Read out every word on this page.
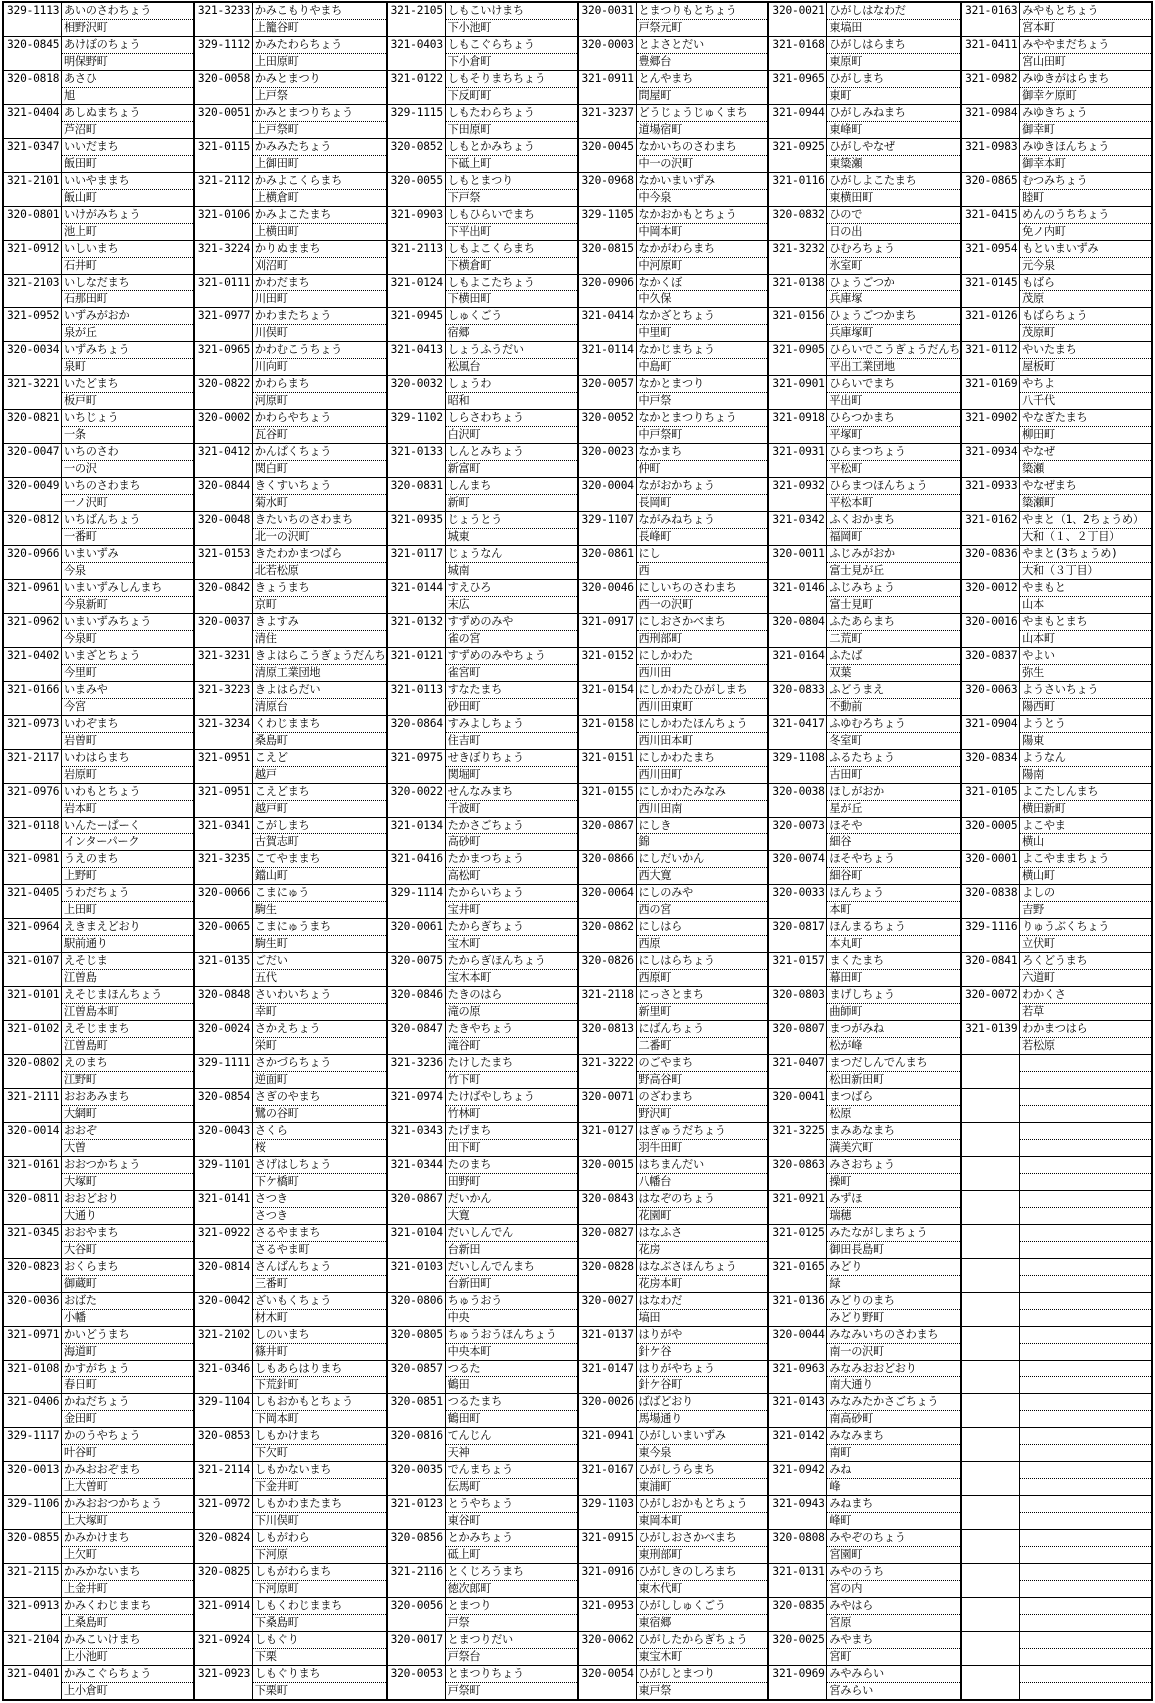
329-1113 あいのさわちょう
相野沢町
320-0845 あけぼのちょう
明保野町
320-0818 あさひ
旭
321-0404 あしぬまちょう
芦沼町
321-0347 いいだまち
飯田町
321-2101 いいやままち
飯山町
320-0801 いけがみちょう
池上町
321-0912 いしいまち
石井町
321-2103 いしなだまち
石那田町
321-0952 いずみがおか
泉が丘
320-0034 いずみちょう
泉町
321-3221 いたどまち
板戸町
320-0821 いちじょう
一条
320-0047 いちのさわ
一の沢
320-0049 いちのさわまち
一ノ沢町
320-0812 いちばんちょう
一番町
320-0966 いまいずみ
今泉
321-0961 いまいずみしんまち
今泉新町
321-0962 いまいずみちょう
今泉町
321-0402 いまざとちょう
今里町
321-0166 いまみや
今宮
321-0973 いわぞまち
岩曽町
321-2117 いわはらまち
岩原町
321-0976 いわもとちょう
岩本町
321-0118 いんたーぱーく
インターパーク
321-0981 うえのまち
上野町
321-0405 うわだちょう
上田町
321-0964 えきまえどおり
駅前通り
321-0107 えそじま
江曽島
321-0101 えそじまほんちょう
江曽島本町
321-0102 えそじままち
江曽島町
320-0802 えのまち
江野町
321-2111 おおあみまち
大網町
320-0014 おおぞ
大曽
321-0161 おおつかちょう
大塚町
320-0811 おおどおり
大通り
321-0345 おおやまち
大谷町
320-0823 おくらまち
御蔵町
320-0036 おばた
小幡
321-0971 かいどうまち
海道町
321-0108 かすがちょう
春日町
321-0406 かねだちょう
金田町
329-1117 かのうやちょう
叶谷町
320-0013 かみおおぞまち
上大曽町
329-1106 かみおおつかちょう
上大塚町
320-0855 かみかけまち
上欠町
321-2115 かみかないまち
上金井町
321-0913 かみくわじままち
上桑島町
321-2104 かみこいけまち
上小池町
321-0401 かみこぐらちょう
上小倉町
321-3233 かみこもりやまち
上籠谷町
329-1112 かみたわらちょう
上田原町
320-0058 かみとまつり
上戸祭
320-0051 かみとまつりちょう
上戸祭町
321-0115 かみみたちょう
上御田町
321-2112 かみよこくらまち
上横倉町
321-0106 かみよこたまち
上横田町
321-3224 かりぬままち
刈沼町
321-0111 かわだまち
川田町
321-0977 かわまたちょう
川俣町
321-0965 かわむこうちょう
川向町
320-0822 かわらまち
河原町
320-0002 かわらやちょう
瓦谷町
321-0412 かんぱくちょう
関白町
320-0844 きくすいちょう
菊水町
320-0048 きたいちのさわまち
北一の沢町
321-0153 きたわかまつばら
北若松原
320-0842 きょうまち
京町
320-0037 きよすみ
清住
321-3231 きよはらこうぎょうだんち
清原工業団地
321-3223 きよはらだい
清原台
321-3234 くわじままち
桑島町
321-0951 こえど
越戸
321-0951 こえどまち
越戸町
321-0341 こがしまち
古賀志町
321-3235 こてやままち
鐺山町
320-0066 こまにゅう
駒生
320-0065 こまにゅうまち
駒生町
321-0135 ごだい
五代
320-0848 さいわいちょう
幸町
320-0024 さかえちょう
栄町
329-1111 さかづらちょう
逆面町
320-0854 さぎのやまち
鷺の谷町
320-0043 さくら
桜
329-1101 さげはしちょう
下ケ橋町
321-0141 さつき
さつき
321-0922 さるやままち
さるやま町
320-0814 さんばんちょう
三番町
320-0042 ざいもくちょう
材木町
321-2102 しのいまち
篠井町
321-0346 しもあらはりまち
下荒針町
329-1104 しもおかもとちょう
下岡本町
320-0853 しもかけまち
下欠町
321-2114 しもかないまち
下金井町
321-0972 しもかわまたまち
下川俣町
320-0824 しもがわら
下河原
320-0825 しもがわらまち
下河原町
321-0914 しもくわじままち
下桑島町
321-0924 しもぐり
下栗
321-0923 しもぐりまち
下栗町
321-2105 しもこいけまち
下小池町
321-0403 しもこぐらちょう
下小倉町
321-0122 しもそりまちちょう
下反町町
329-1115 しもたわらちょう
下田原町
320-0852 しもとかみちょう
下砥上町
320-0055 しもとまつり
下戸祭
321-0903 しもひらいでまち
下平出町
321-2113 しもよこくらまち
下横倉町
321-0124 しもよこたちょう
下横田町
321-0945 しゅくごう
宿郷
321-0413 しょうふうだい
松風台
320-0032 しょうわ
昭和
329-1102 しらさわちょう
白沢町
321-0133 しんとみちょう
新富町
320-0831 しんまち
新町
321-0935 じょうとう
城東
321-0117 じょうなん
城南
321-0144 すえひろ
末広
321-0132 すずめのみや
雀の宮
321-0121 すずめのみやちょう
雀宮町
321-0113 すなたまち
砂田町
320-0864 すみよしちょう
住吉町
321-0975 せきぼりちょう
関堀町
320-0022 せんなみまち
千波町
321-0134 たかさごちょう
高砂町
321-0416 たかまつちょう
高松町
329-1114 たからいちょう
宝井町
320-0061 たからぎちょう
宝木町
320-0075 たからぎほんちょう
宝木本町
320-0846 たきのはら
滝の原
320-0847 たきやちょう
滝谷町
321-3236 たけしたまち
竹下町
321-0974 たけばやしちょう
竹林町
321-0343 たげまち
田下町
321-0344 たのまち
田野町
320-0867 だいかん
大寛
321-0104 だいしんでん
台新田
321-0103 だいしんでんまち
台新田町
320-0806 ちゅうおう
中央
320-0805 ちゅうおうほんちょう
中央本町
320-0857 つるた
鶴田
320-0851 つるたまち
鶴田町
320-0816 てんじん
天神
320-0035 でんまちょう
伝馬町
321-0123 とうやちょう
東谷町
320-0856 とかみちょう
砥上町
321-2116 とくじろうまち
徳次郎町
320-0056 とまつり
戸祭
320-0017 とまつりだい
戸祭台
320-0053 とまつりちょう
戸祭町
320-0031 とまつりもとちょう
戸祭元町
320-0003 とよさとだい
豊郷台
321-0911 とんやまち
問屋町
321-3237 どうじょうじゅくまち
道場宿町
320-0045 なかいちのさわまち
中一の沢町
320-0968 なかいまいずみ
中今泉
329-1105 なかおかもとちょう
中岡本町
320-0815 なかがわらまち
中河原町
320-0906 なかくぼ
中久保
321-0414 なかざとちょう
中里町
321-0114 なかじまちょう
中島町
320-0057 なかとまつり
中戸祭
320-0052 なかとまつりちょう
中戸祭町
320-0023 なかまち
仲町
320-0004 ながおかちょう
長岡町
329-1107 ながみねちょう
長峰町
320-0861 にし
西
320-0046 にしいちのさわまち
西一の沢町
321-0917 にしおさかべまち
西刑部町
321-0152 にしかわた
西川田
321-0154 にしかわたひがしまち
西川田東町
321-0158 にしかわたほんちょう
西川田本町
321-0151 にしかわたまち
西川田町
321-0155 にしかわたみなみ
西川田南
320-0867 にしき
錦
320-0866 にしだいかん
西大寛
320-0064 にしのみや
西の宮
320-0862 にしはら
西原
320-0826 にしはらちょう
西原町
321-2118 にっさとまち
新里町
320-0813 にばんちょう
二番町
321-3222 のごやまち
野高谷町
320-0071 のざわまち
野沢町
321-0127 はぎゅうだちょう
羽牛田町
320-0015 はちまんだい
八幡台
320-0843 はなぞのちょう
花園町
320-0827 はなふさ
花房
320-0828 はなぶさほんちょう
花房本町
320-0027 はなわだ
塙田
321-0137 はりがや
針ケ谷
321-0147 はりがやちょう
針ケ谷町
320-0026 ばばどおり
馬場通り
321-0941 ひがしいまいずみ
東今泉
321-0167 ひがしうらまち
東浦町
329-1103 ひがしおかもとちょう
東岡本町
321-0915 ひがしおさかべまち
東刑部町
321-0916 ひがしきのしろまち
東木代町
321-0953 ひがししゅくごう
東宿郷
320-0062 ひがしたからぎちょう
東宝木町
320-0054 ひがしとまつり
東戸祭
320-0021 ひがしはなわだ
東塙田
321-0168 ひがしはらまち
東原町
321-0965 ひがしまち
東町
321-0944 ひがしみねまち
東峰町
321-0925 ひがしやなぜ
東簗瀬
321-0116 ひがしよこたまち
東横田町
320-0832 ひので
日の出
321-3232 ひむろちょう
氷室町
321-0138 ひょうごつか
兵庫塚
321-0156 ひょうごつかまち
兵庫塚町
321-0905 ひらいでこうぎょうだんち
平出工業団地
321-0901 ひらいでまち
平出町
321-0918 ひらつかまち
平塚町
321-0931 ひらまつちょう
平松町
321-0932 ひらまつほんちょう
平松本町
321-0342 ふくおかまち
福岡町
320-0011 ふじみがおか
富士見が丘
321-0146 ふじみちょう
富士見町
320-0804 ふたあらまち
二荒町
321-0164 ふたば
双葉
320-0833 ふどうまえ
不動前
321-0417 ふゆむろちょう
冬室町
329-1108 ふるたちょう
古田町
320-0038 ほしがおか
星が丘
320-0073 ほそや
細谷
320-0074 ほそやちょう
細谷町
320-0033 ほんちょう
本町
320-0817 ほんまるちょう
本丸町
321-0157 まくたまち
幕田町
320-0803 まげしちょう
曲師町
320-0807 まつがみね
松が峰
321-0407 まつだしんでんまち
松田新田町
320-0041 まつばら
松原
321-3225 まみあなまち
満美穴町
320-0863 みさおちょう
操町
321-0921 みずほ
瑞穂
321-0125 みたながしまちょう
御田長島町
321-0165 みどり
緑
321-0136 みどりのまち
みどり野町
320-0044 みなみいちのさわまち
南一の沢町
321-0963 みなみおおどおり
南大通り
321-0143 みなみたかさごちょう
南高砂町
321-0142 みなみまち
南町
321-0942 みね
峰
321-0943 みねまち
峰町
320-0808 みやぞのちょう
宮園町
321-0131 みやのうち
宮の内
320-0835 みやはら
宮原
320-0025 みやまち
宮町
321-0969 みやみらい
宮みらい
321-0163 みやもとちょう
宮本町
321-0411 みややまだちょう
宮山田町
321-0982 みゆきがはらまち
御幸ケ原町
321-0984 みゆきちょう
御幸町
321-0983 みゆきほんちょう
御幸本町
320-0865 むつみちょう
睦町
321-0415 めんのうちちょう
免ノ内町
321-0954 もといまいずみ
元今泉
321-0145 もばら
茂原
321-0126 もばらちょう
茂原町
321-0112 やいたまち
屋板町
321-0169 やちよ
八千代
321-0902 やなぎたまち
柳田町
321-0934 やなぜ
簗瀬
321-0933 やなぜまち
簗瀬町
321-0162 やまと（1、2ちょうめ）
大和（１、２丁目）
320-0836 やまと(3ちょうめ)
大和（３丁目）
320-0012 やまもと
山本
320-0016 やまもとまち
山本町
320-0837 やよい
弥生
320-0063 ようさいちょう
陽西町
321-0904 ようとう
陽東
320-0834 ようなん
陽南
321-0105 よこたしんまち
横田新町
320-0005 よこやま
横山
320-0001 よこやままちょう
横山町
320-0838 よしの
吉野
329-1116 りゅうぶくちょう
立伏町
320-0841 ろくどうまち
六道町
320-0072 わかくさ
若草
321-0139 わかまつはら
若松原
